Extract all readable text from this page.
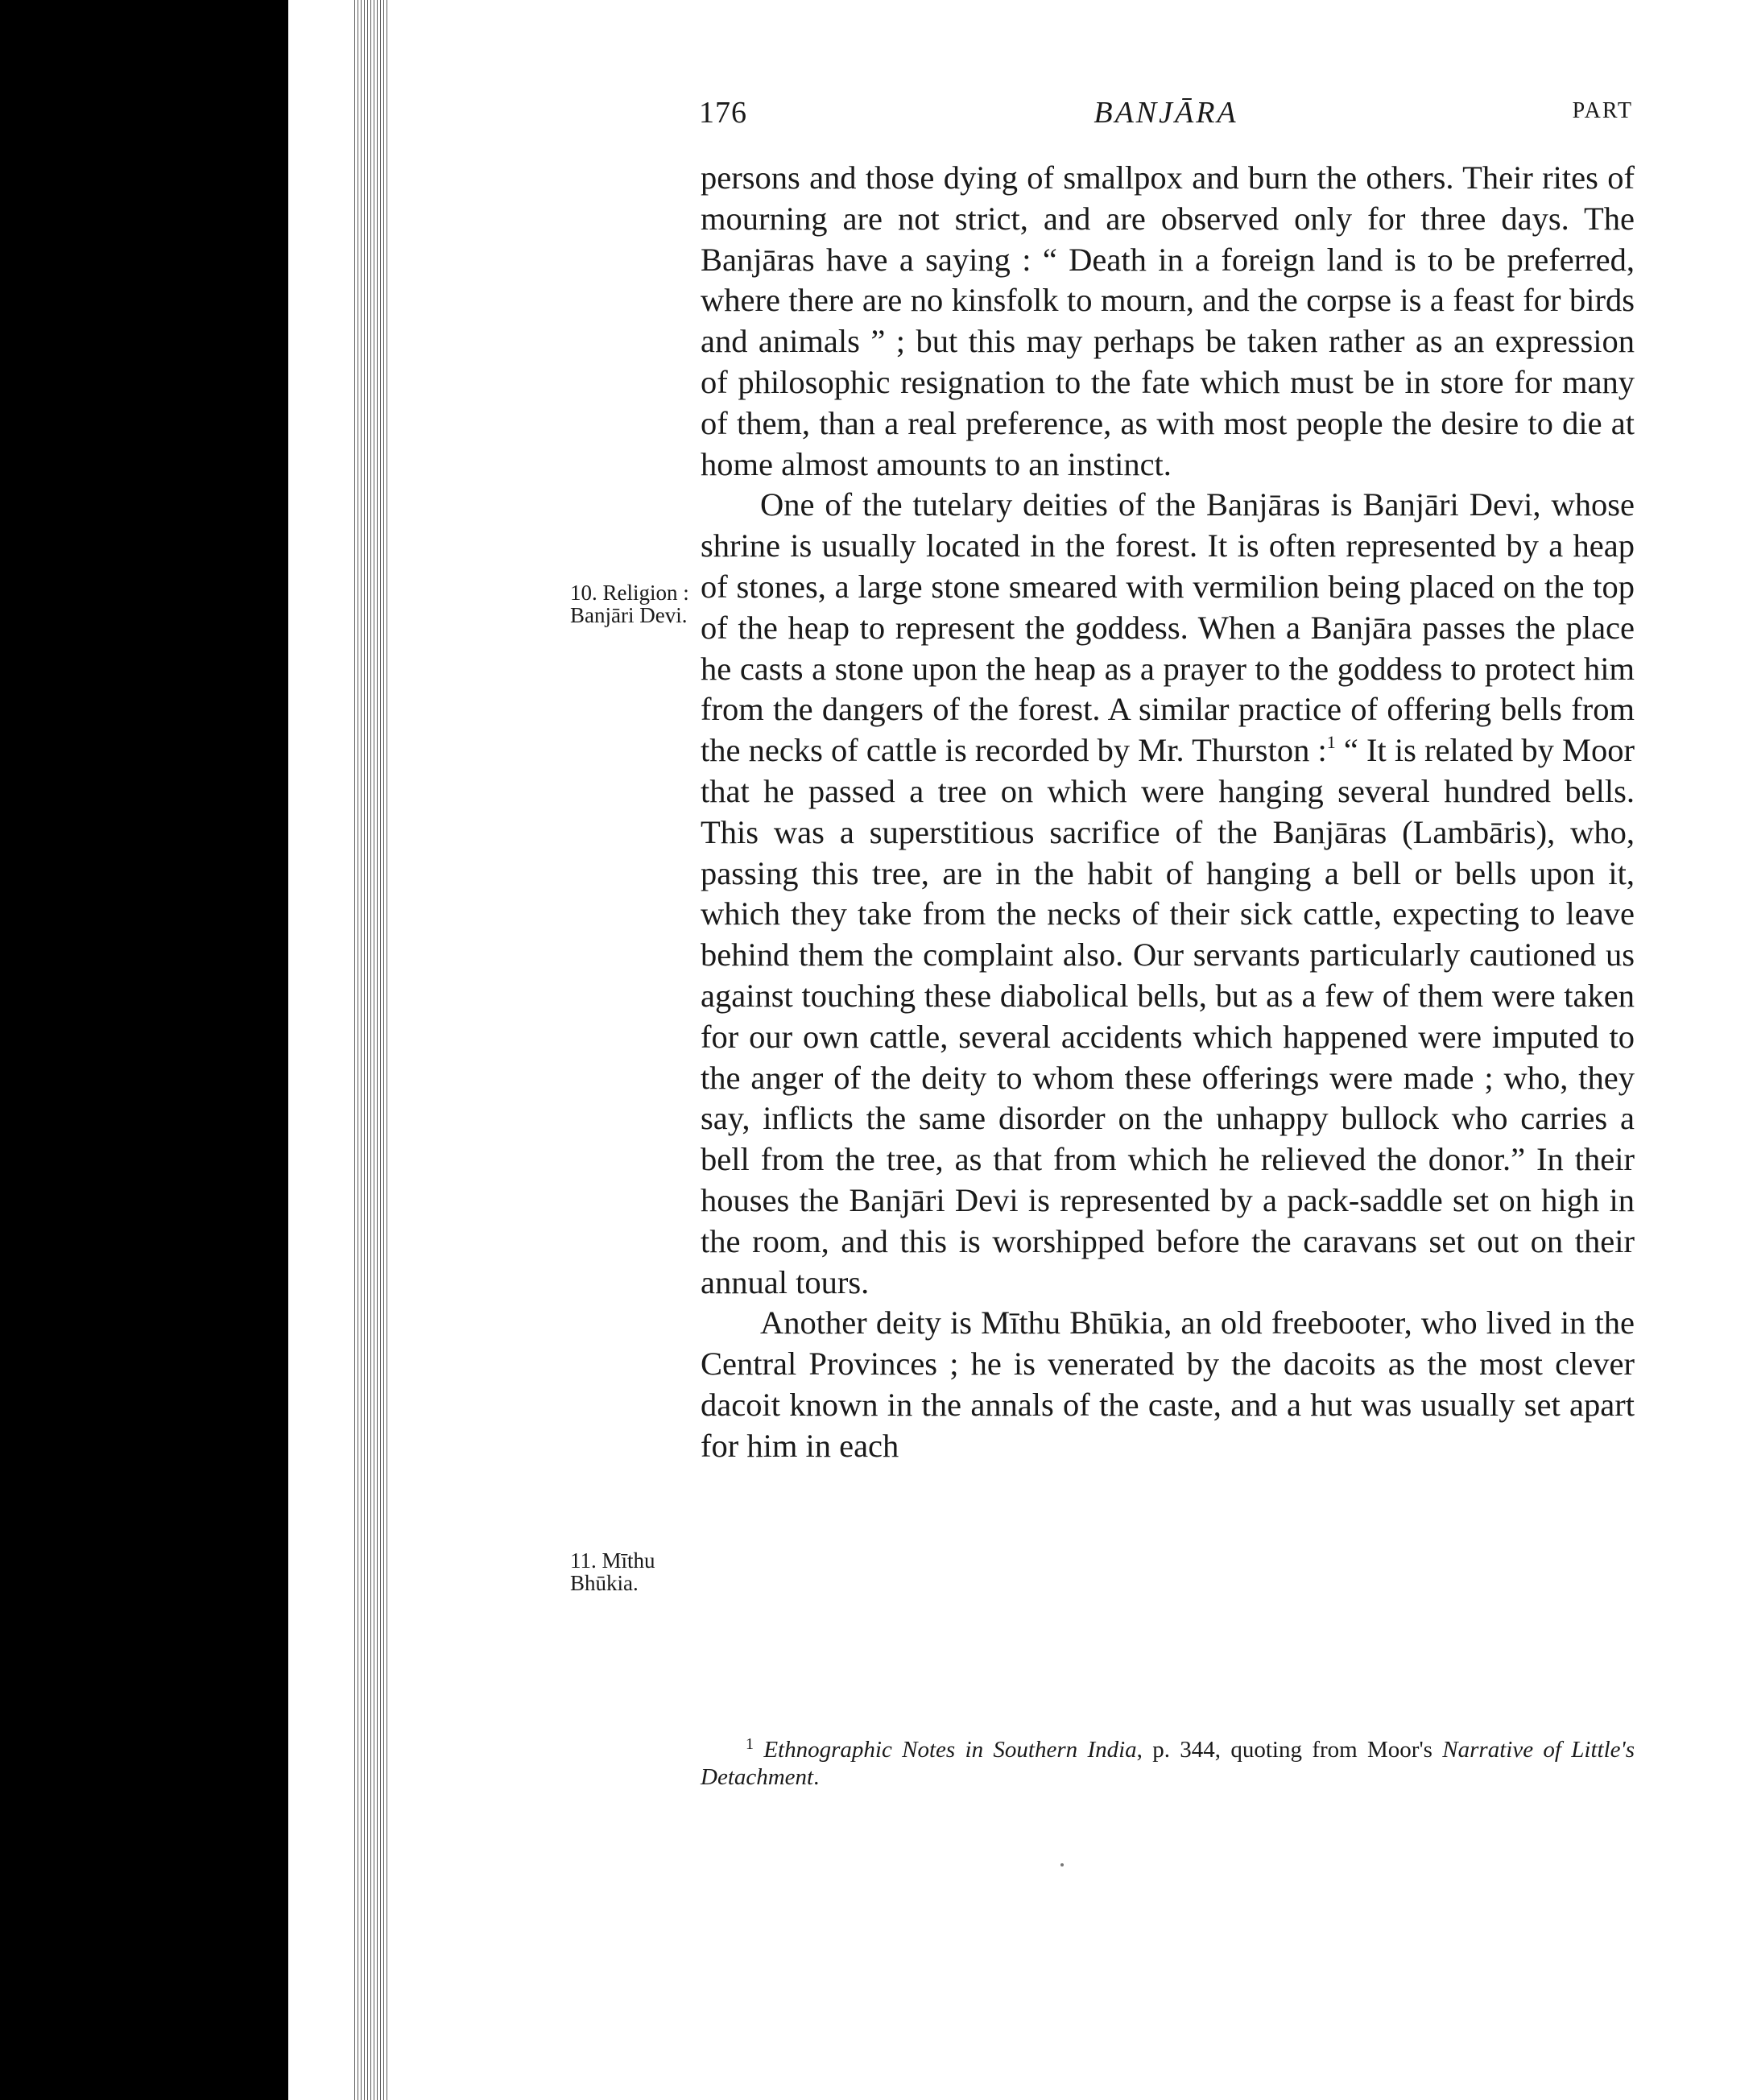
176	BANJĀRA	PART
10. Religion : Banjāri Devi.
11. Mīthu Bhūkia.

persons and those dying of smallpox and burn the others. Their rites of mourning are not strict, and are observed only for three days. The Banjāras have a saying : “ Death in a foreign land is to be preferred, where there are no kinsfolk to mourn, and the corpse is a feast for birds and animals ” ; but this may perhaps be taken rather as an expression of philosophic resignation to the fate which must be in store for many of them, than a real preference, as with most people the desire to die at home almost amounts to an instinct.

One of the tutelary deities of the Banjāras is Banjāri Devi, whose shrine is usually located in the forest. It is often represented by a heap of stones, a large stone smeared with vermilion being placed on the top of the heap to represent the goddess. When a Banjāra passes the place he casts a stone upon the heap as a prayer to the goddess to protect him from the dangers of the forest. A similar practice of offering bells from the necks of cattle is recorded by Mr. Thurston :$^1$ “ It is related by Moor that he passed a tree on which were hanging several hundred bells. This was a superstitious sacrifice of the Banjāras (Lambāris), who, passing this tree, are in the habit of hanging a bell or bells upon it, which they take from the necks of their sick cattle, expecting to leave behind them the complaint also. Our servants particularly cautioned us against touching these diabolical bells, but as a few of them were taken for our own cattle, several accidents which happened were imputed to the anger of the deity to whom these offerings were made ; who, they say, inflicts the same disorder on the unhappy bullock who carries a bell from the tree, as that from which he relieved the donor.” In their houses the Banjāri Devi is represented by a pack-saddle set on high in the room, and this is worshipped before the caravans set out on their annual tours.

Another deity is Mīthu Bhūkia, an old freebooter, who lived in the Central Provinces ; he is venerated by the dacoits as the most clever dacoit known in the annals of the caste, and a hut was usually set apart for him in each

$^1$ Ethnographic Notes in Southern India, p. 344, quoting from Moor's Narrative of Little's Detachment.
